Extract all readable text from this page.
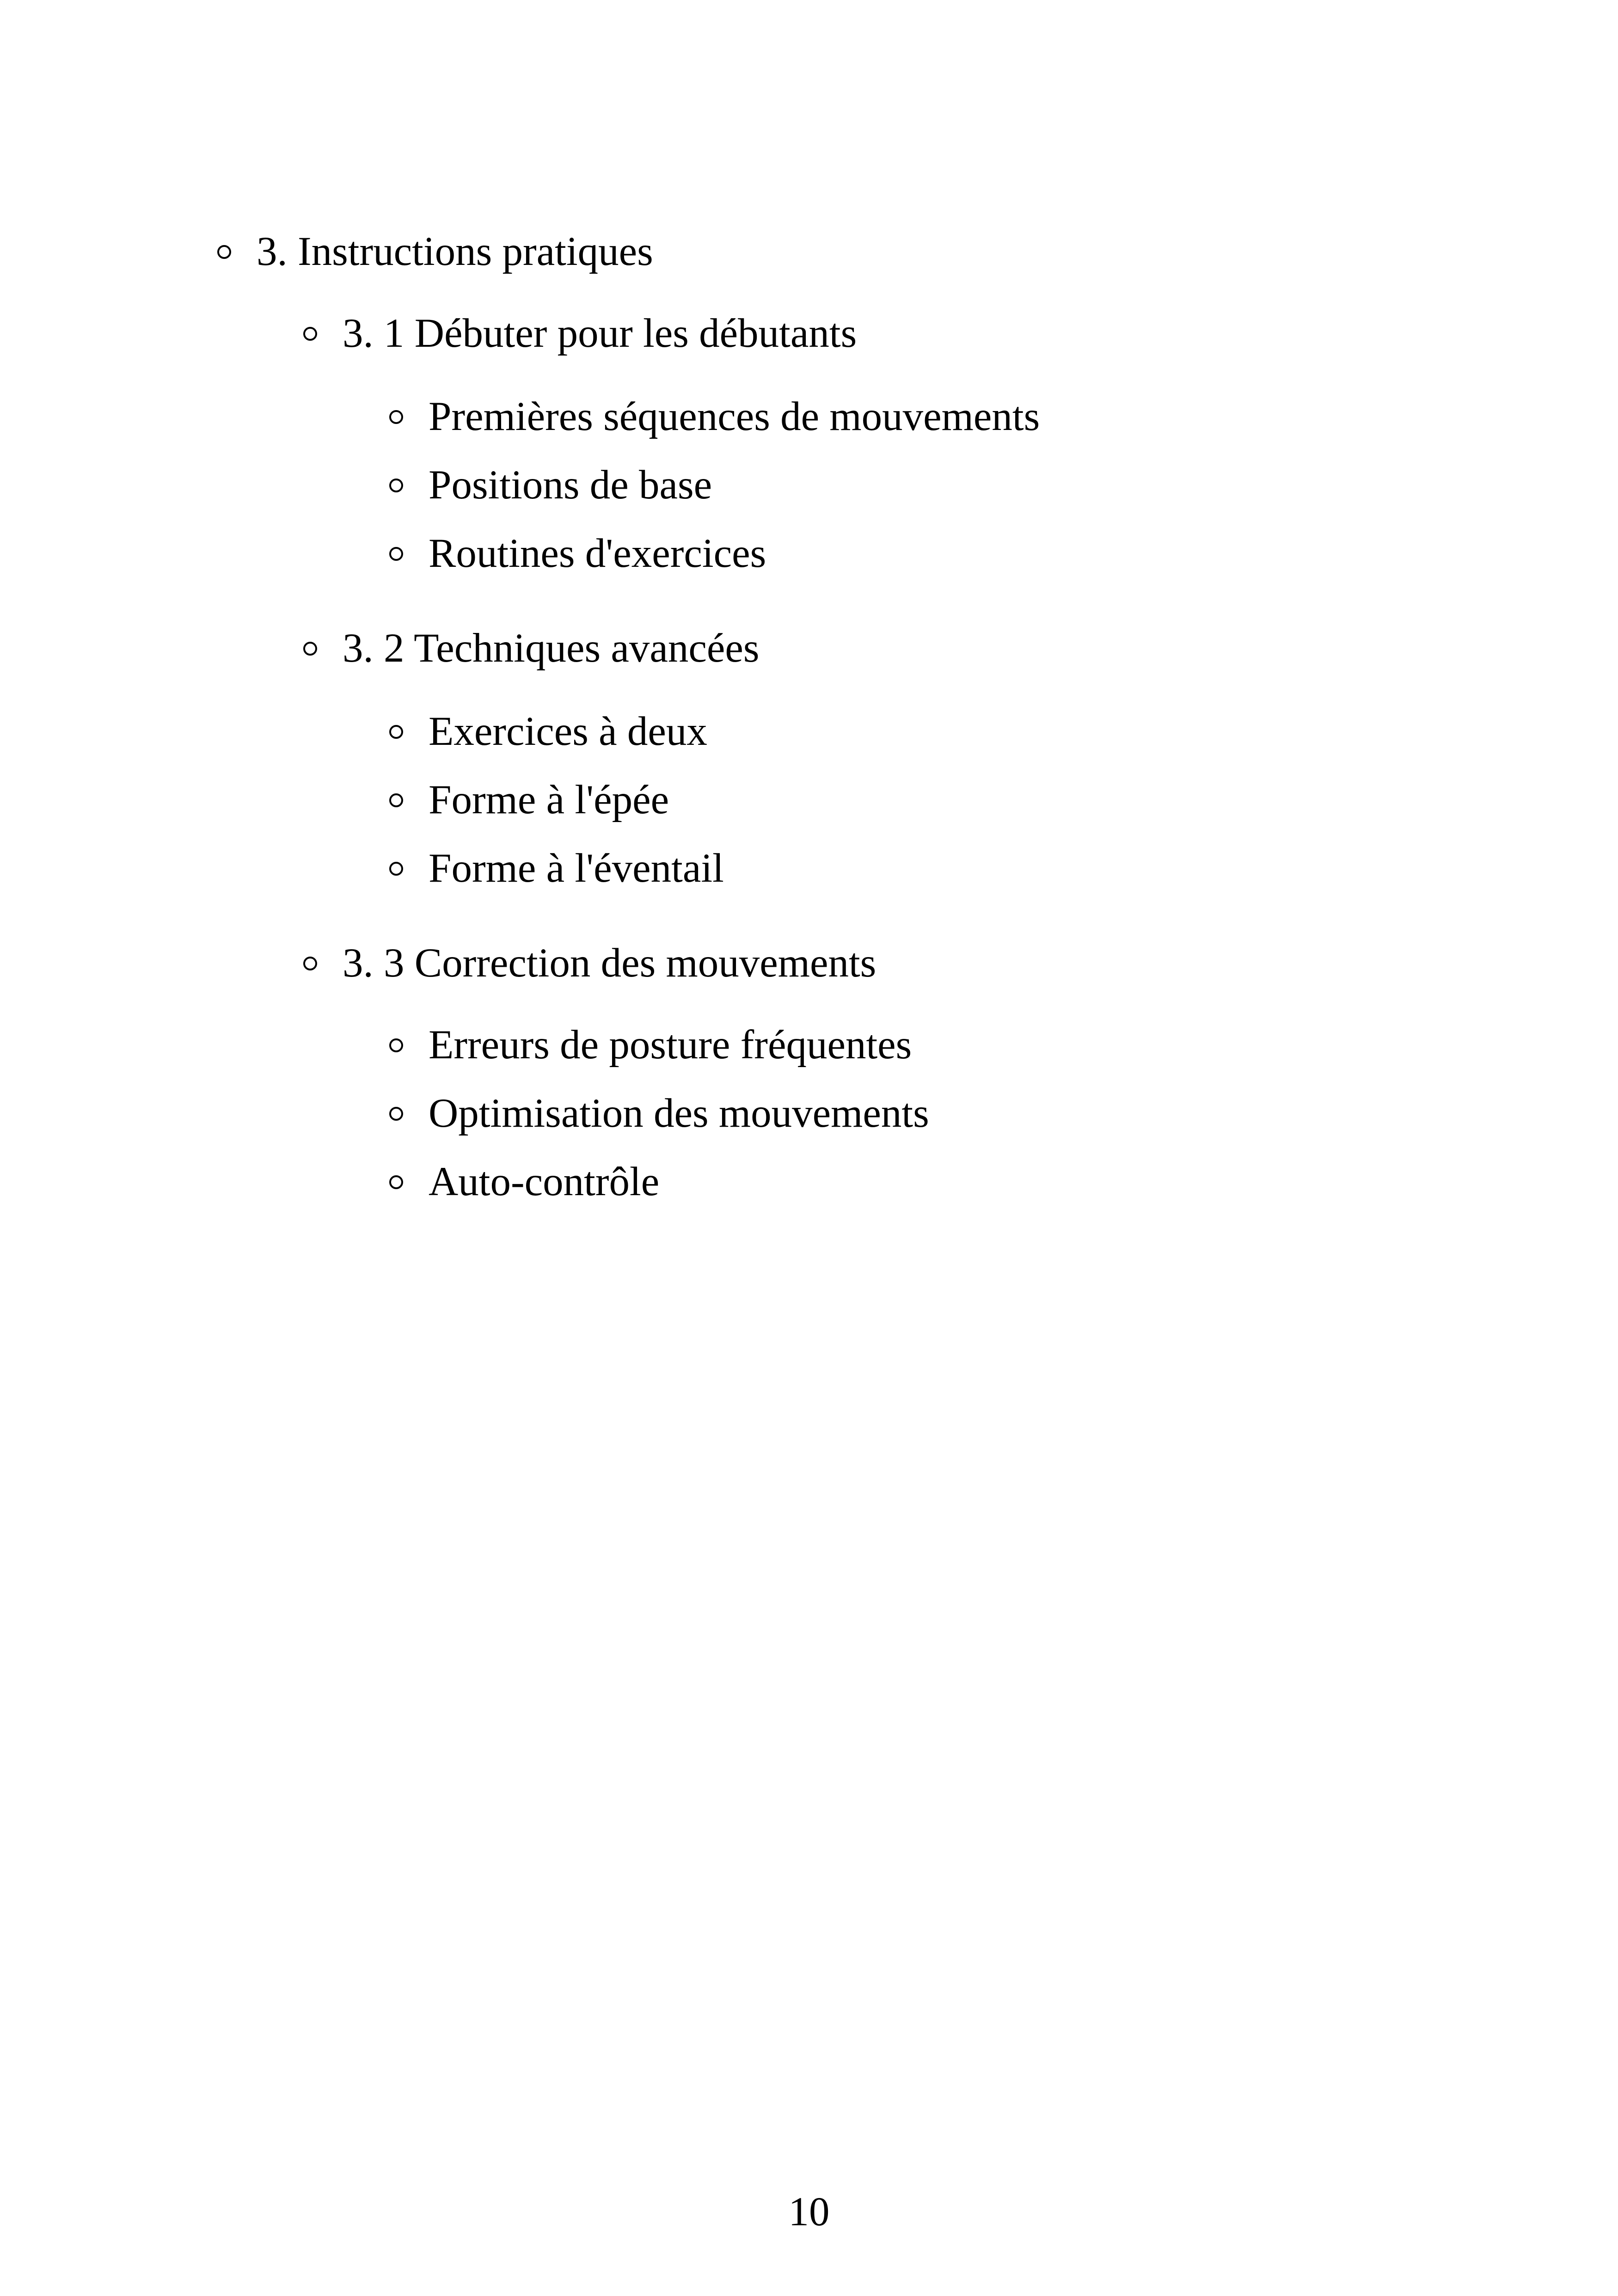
3. Instructions pratiques
3. 1 Débuter pour les débutants
Premières séquences de mouvements
Positions de base
Routines d'exercices
3. 2 Techniques avancées
Exercices à deux
Forme à l'épée
Forme à l'éventail
3. 3 Correction des mouvements
Erreurs de posture fréquentes
Optimisation des mouvements
Auto-contrôle
10
